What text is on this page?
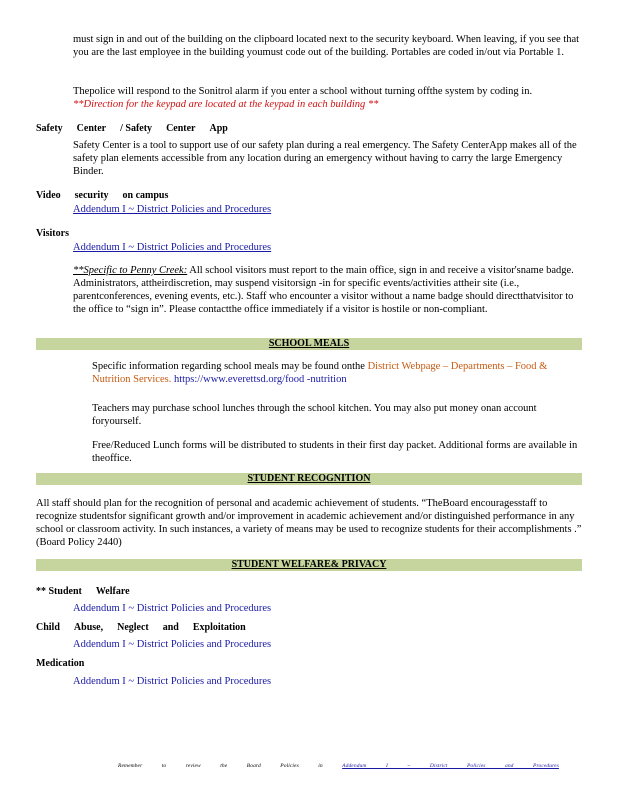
must sign in and out of the building on the clipboard located next to the security keyboard. When leaving, if you see that you are the last employee in the building youmust code out of the building. Portables are coded in/out via Portable 1.

Thepolice will respond to the Sonitrol alarm if you enter a school without turning offthe system by coding in. **Direction for the keypad are located at the keypad in each building **

Safety Center / Safety Center App

Safety Center is a tool to support use of our safety plan during a real emergency. The Safety CenterApp makes all of the safety plan elements accessible from any location during an emergency without having to carry the large Emergency Binder.

Video security on campus
Addendum I ~ District Policies and Procedures
Visitors
Addendum I ~ District Policies and Procedures

**Specific to Penny Creek: All school visitors must report to the main office, sign in and receive a visitor'sname badge. Administrators, attheirdiscretion, may suspend visitorsign -in for specific events/activities attheir site (i.e., parentconferences, evening events, etc.). Staff who encounter a visitor without a name badge should directthatvisitor to the office to “sign in”. Please contactthe office immediately if a visitor is hostile or non-compliant.

SCHOOL MEALS
Specific information regarding school meals may be found onthe District Webpage – Departments – Food & Nutrition Services. https://www.everettsd.org/food -nutrition
Teachers may purchase school lunches through the school kitchen. You may also put money onan account foryourself.
Free/Reduced Lunch forms will be distributed to students in their first day packet. Additional forms are available in theoffice.
STUDENT RECOGNITION

All staff should plan for the recognition of personal and academic achievement of students. “TheBoard encouragesstaff to recognize studentsfor significant growth and/or improvement in academic achievement and/or distinguished performance in any school or classroom activity. In such instances, a variety of means may be used to recognize students for their accomplishments .” (Board Policy 2440)

STUDENT WELFARE& PRIVACY
** Student Welfare
Addendum I ~ District Policies and Procedures
Child Abuse, Neglect and Exploitation
Addendum I ~ District Policies and Procedures
Medication
Addendum I ~ District Policies and Procedures
Remember to review the Board Policies in Addendum I ~ District Policies and Procedures
